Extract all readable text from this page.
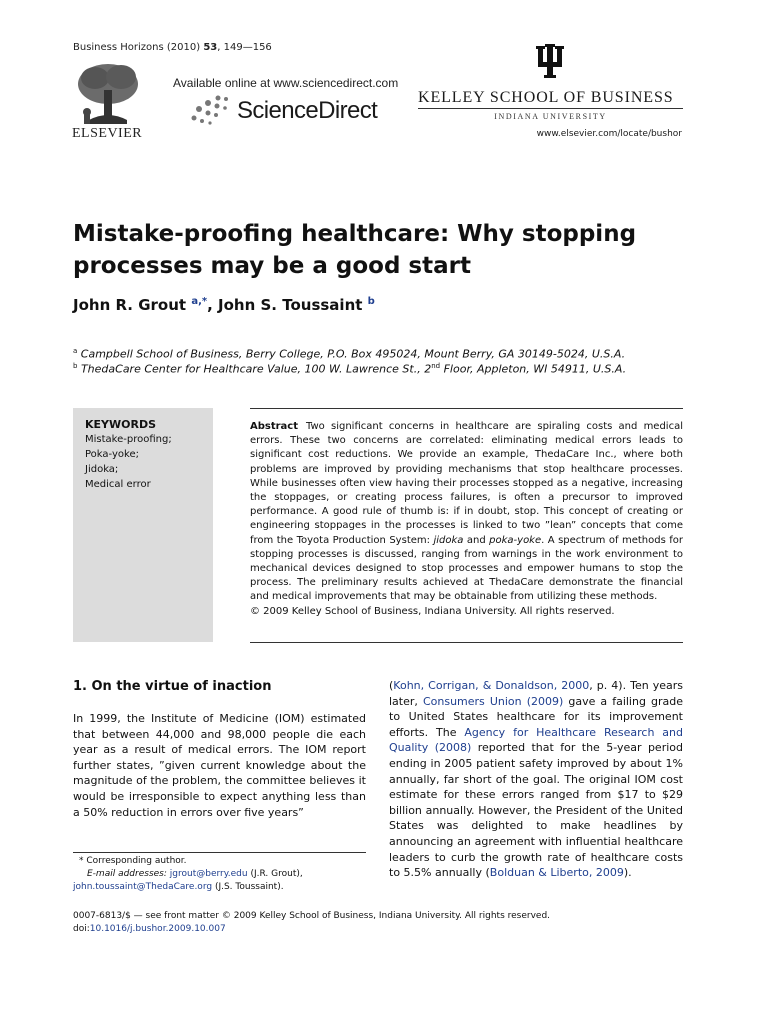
Business Horizons (2010) 53, 149—156
ELSEVIER
Available online at www.sciencedirect.com
ScienceDirect	KELLEY SCHOOL OF BUSINESS
INDIANA UNIVERSITY
www.elsevier.com/locate/bushor
Mistake-proofing healthcare: Why stopping
processes may be a good start
John R. Grout $^{a,*}$, John S. Toussaint $^b$
$^a$ Campbell School of Business, Berry College, P.O. Box 495024, Mount Berry, GA 30149-5024, U.S.A.
$^b$ ThedaCare Center for Healthcare Value, 100 W. Lawrence St., 2nd Floor, Appleton, WI 54911, U.S.A.
KEYWORDS
Mistake-proofing;
Poka-yoke;
Jidoka;
Medical error
Abstract Two significant concerns in healthcare are spiraling costs and medical errors. These two concerns are correlated: eliminating medical errors leads to significant cost reductions. We provide an example, ThedaCare Inc., where both problems are improved by providing mechanisms that stop healthcare processes. While businesses often view having their processes stopped as a negative, increasing the stoppages, or creating process failures, is often a precursor to improved performance. A good rule of thumb is: if in doubt, stop. This concept of creating or engineering stoppages in the processes is linked to two ”lean” concepts that come from the Toyota Production System: jidoka and poka-yoke. A spectrum of methods for stopping processes is discussed, ranging from warnings in the work environment to mechanical devices designed to stop processes and empower humans to stop the process. The preliminary results achieved at ThedaCare demonstrate the financial and medical improvements that may be obtainable from utilizing these methods.
© 2009 Kelley School of Business, Indiana University. All rights reserved.
1. On the virtue of inaction
In 1999, the Institute of Medicine (IOM) estimated that between 44,000 and 98,000 people die each year as a result of medical errors. The IOM report further states, ”given current knowledge about the magnitude of the problem, the committee believes it would be irresponsible to expect anything less than a 50% reduction in errors over five years”
(Kohn, Corrigan, & Donaldson, 2000, p. 4). Ten years later, Consumers Union (2009) gave a failing grade to United States healthcare for its improvement efforts. The Agency for Healthcare Research and Quality (2008) reported that for the 5-year period ending in 2005 patient safety improved by about 1% annually, far short of the goal. The original IOM cost estimate for these errors ranged from $17 to $29 billion annually. However, the President of the United States was delighted to make headlines by announcing an agreement with influential healthcare leaders to curb the growth rate of healthcare costs to 5.5% annually (Bolduan & Liberto, 2009).
* Corresponding author.
E-mail addresses: jgrout@berry.edu (J.R. Grout),
john.toussaint@ThedaCare.org (J.S. Toussaint).
0007-6813/$ — see front matter © 2009 Kelley School of Business, Indiana University. All rights reserved.
doi:10.1016/j.bushor.2009.10.007
